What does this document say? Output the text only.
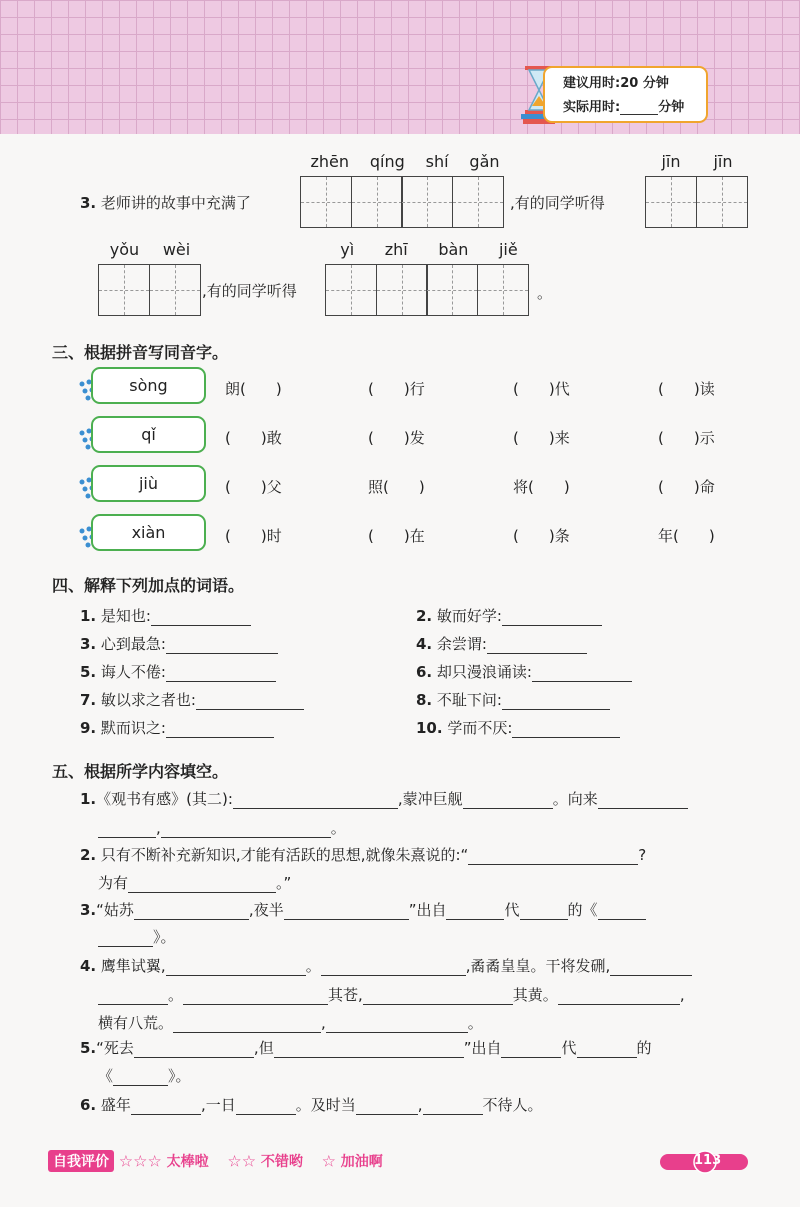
建议用时:20 分钟
实际用时:	分钟
zhēn qíng shí gǎn
3. 老师讲的故事中充满了	,有的同学听得
jīn jīn
yǒu wèi
,有的同学听得
yì zhī bàn jiě
。
三、根据拼音写同音字。
sòng	朗(　　)	(　　)行	(　　)代	(　　)读
qǐ	(　　)敢	(　　)发	(　　)来	(　　)示
jiù	(　　)父	照(　　)	将(　　)	(　　)命
xiàn	(　　)时	(　　)在	(　　)条	年(　　)
四、解释下列加点的词语。
1. 是知也:	2. 敏而好学:
3. 心到最急:	4. 余尝谓:
5. 诲人不倦:	6. 却只漫浪诵读:
7. 敏以求之者也:	8. 不耻下问:
9. 默而识之:	10. 学而不厌:
五、根据所学内容填空。
1.《观书有感》(其二):	,蒙冲巨舰	。向来
,	。
2. 只有不断补充新知识,才能有活跃的思想,就像朱熹说的:“	?
为有	。”
3.“姑苏	,夜半	”出自	代	的《
》。
4. 鹰隼试翼,	。	,矞矞皇皇。干将发硎,
。	其苍,	其黄。	,
横有八荒。	,	。
5.“死去	,但	”出自	代	的
《	》。
6. 盛年	,一日	。及时当	,	不待人。
自我评价 ☆☆☆ 太棒啦 ☆☆ 不错哟 ☆ 加油啊	113
